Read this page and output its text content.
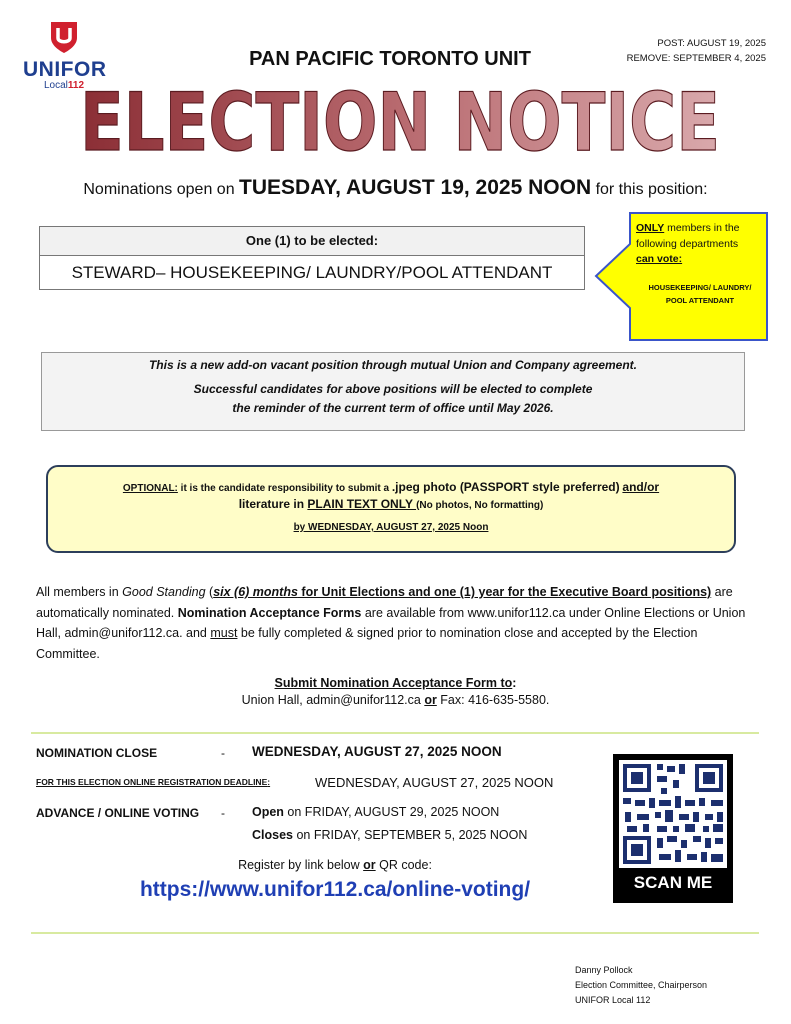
UNIFOR
Local112
PAN PACIFIC TORONTO UNIT
POST: AUGUST 19, 2025
REMOVE: SEPTEMBER 4, 2025
ELECTION NOTICE
Nominations open on TUESDAY, AUGUST 19, 2025 NOON for this position:
One (1) to be elected:
STEWARD– HOUSEKEEPING/ LAUNDRY/POOL ATTENDANT
ONLY members in the
following departments
can vote:
HOUSEKEEPING/ LAUNDRY/
POOL ATTENDANT

This is a new add-on vacant position through mutual Union and Company agreement.

Successful candidates for above positions will be elected to complete

the reminder of the current term of office until May 2026.

OPTIONAL: it is the candidate responsibility to submit a .jpeg photo (PASSPORT style preferred) and/or
literature in PLAIN TEXT ONLY (No photos, No formatting)
by WEDNESDAY, AUGUST 27, 2025 Noon
All members in Good Standing (six (6) months for Unit Elections and one (1) year for the Executive Board positions) are automatically nominated. Nomination Acceptance Forms are available from www.unifor112.ca under Online Elections or Union Hall, admin@unifor112.ca. and must be fully completed & signed prior to nomination close and accepted by the Election Committee.
Submit Nomination Acceptance Form to:
Union Hall, admin@unifor112.ca or Fax: 416-635-5580.
NOMINATION CLOSE	- WEDNESDAY, AUGUST 27, 2025 NOON
FOR THIS ELECTION ONLINE REGISTRATION DEADLINE:	WEDNESDAY, AUGUST 27, 2025 NOON
ADVANCE / ONLINE VOTING - Open on FRIDAY, AUGUST 29, 2025 NOON
Closes on FRIDAY, SEPTEMBER 5, 2025 NOON
Register by link below or QR code:
https://www.unifor112.ca/online-voting/	SCAN ME
Danny Pollock
Election Committee, Chairperson
UNIFOR Local 112
